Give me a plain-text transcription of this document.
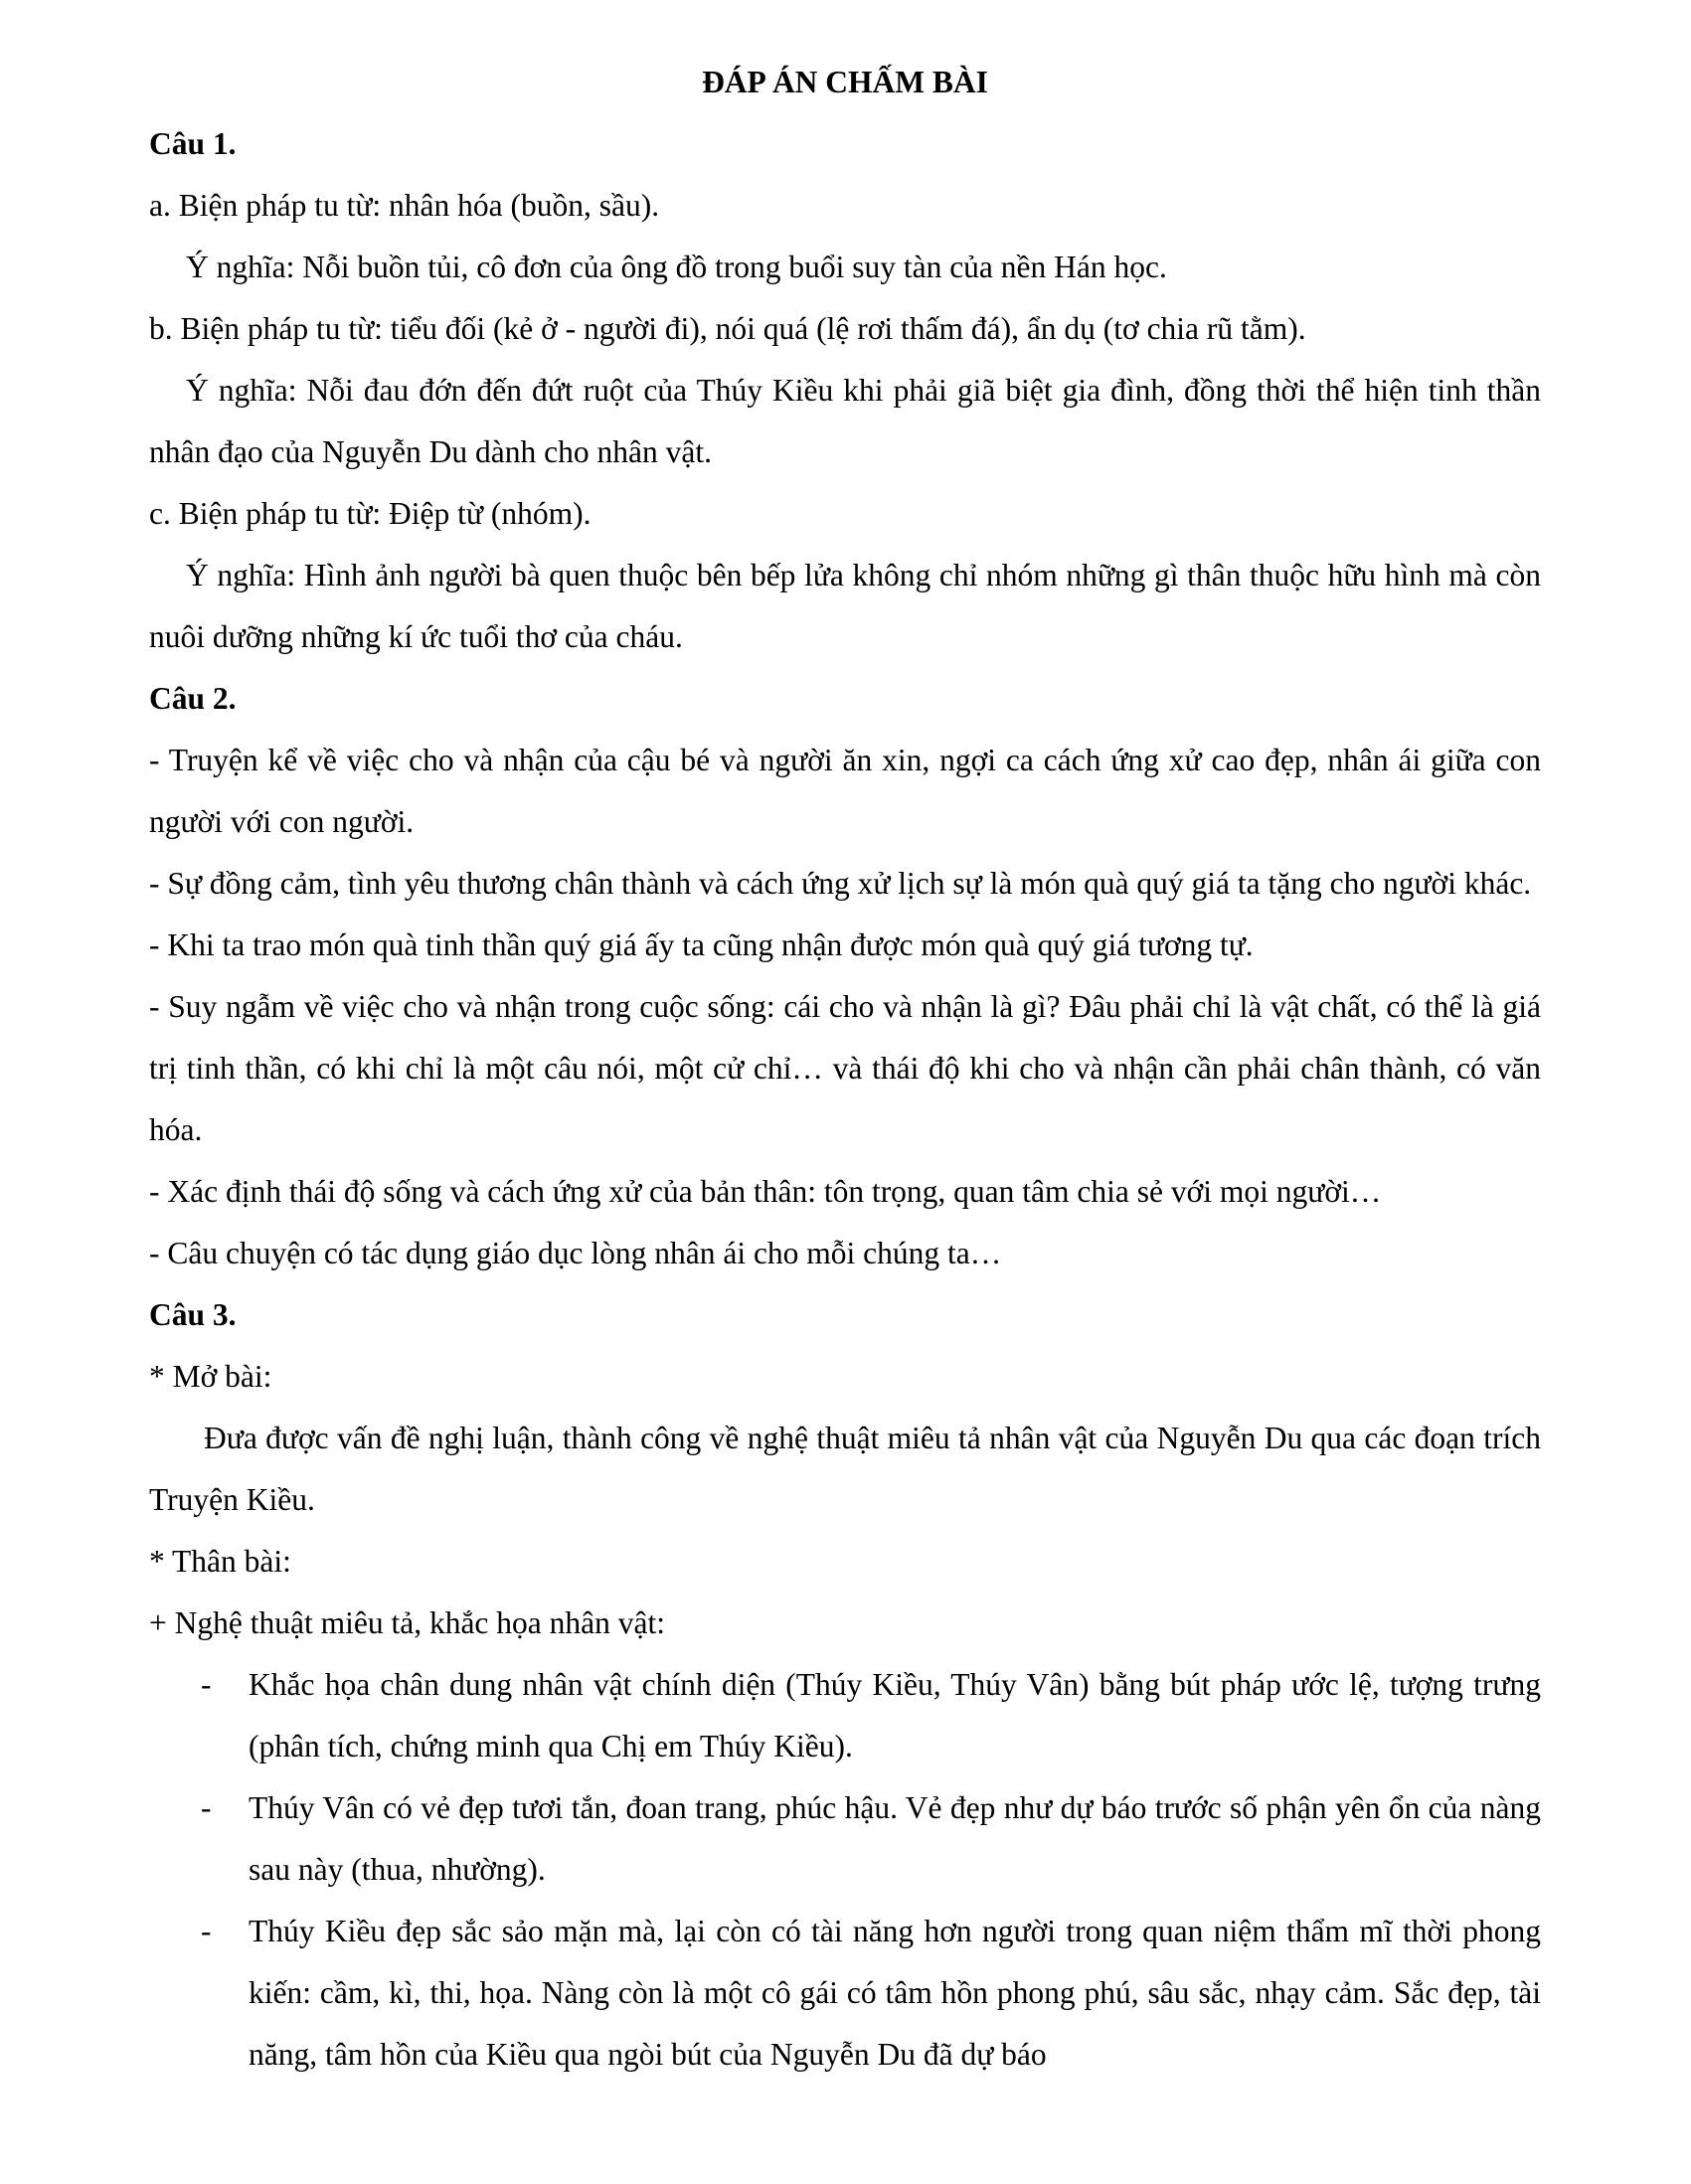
ĐÁP ÁN CHẤM BÀI
Câu 1.
a. Biện pháp tu từ: nhân hóa (buồn, sầu).
Ý nghĩa: Nỗi buồn tủi, cô đơn của ông đồ trong buổi suy tàn của nền Hán học.
b. Biện pháp tu từ: tiểu đối (kẻ ở - người đi), nói quá (lệ rơi thấm đá), ẩn dụ (tơ chia rũ tằm).
Ý nghĩa: Nỗi đau đớn đến đứt ruột của Thúy Kiều khi phải giã biệt gia đình, đồng thời thể hiện tinh thần nhân đạo của Nguyễn Du dành cho nhân vật.
c. Biện pháp tu từ: Điệp từ (nhóm).
Ý nghĩa: Hình ảnh người bà quen thuộc bên bếp lửa không chỉ nhóm những gì thân thuộc hữu hình mà còn nuôi dưỡng những kí ức tuổi thơ của cháu.
Câu 2.
- Truyện kể về việc cho và nhận của cậu bé và người ăn xin, ngợi ca cách ứng xử cao đẹp, nhân ái giữa con người với con người.
- Sự đồng cảm, tình yêu thương chân thành và cách ứng xử lịch sự là món quà quý giá ta tặng cho người khác.
- Khi ta trao món quà tinh thần quý giá ấy ta cũng nhận được món quà quý giá tương tự.
- Suy ngẫm về việc cho và nhận trong cuộc sống: cái cho và nhận là gì? Đâu phải chỉ là vật chất, có thể là giá trị tinh thần, có khi chỉ là một câu nói, một cử chỉ… và thái độ khi cho và nhận cần phải chân thành, có văn hóa.
- Xác định thái độ sống và cách ứng xử của bản thân: tôn trọng, quan tâm chia sẻ với mọi người…
- Câu chuyện có tác dụng giáo dục lòng nhân ái cho mỗi chúng ta…
Câu 3.
* Mở bài:
Đưa được vấn đề nghị luận, thành công về nghệ thuật miêu tả nhân vật của Nguyễn Du qua các đoạn trích Truyện Kiều.
* Thân bài:
+ Nghệ thuật miêu tả, khắc họa nhân vật:
- Khắc họa chân dung nhân vật chính diện (Thúy Kiều, Thúy Vân) bằng bút pháp ước lệ, tượng trưng (phân tích, chứng minh qua Chị em Thúy Kiều).
- Thúy Vân có vẻ đẹp tươi tắn, đoan trang, phúc hậu. Vẻ đẹp như dự báo trước số phận yên ổn của nàng sau này (thua, nhường).
- Thúy Kiều đẹp sắc sảo mặn mà, lại còn có tài năng hơn người trong quan niệm thẩm mĩ thời phong kiến: cầm, kì, thi, họa. Nàng còn là một cô gái có tâm hồn phong phú, sâu sắc, nhạy cảm. Sắc đẹp, tài năng, tâm hồn của Kiều qua ngòi bút của Nguyễn Du đã dự báo
